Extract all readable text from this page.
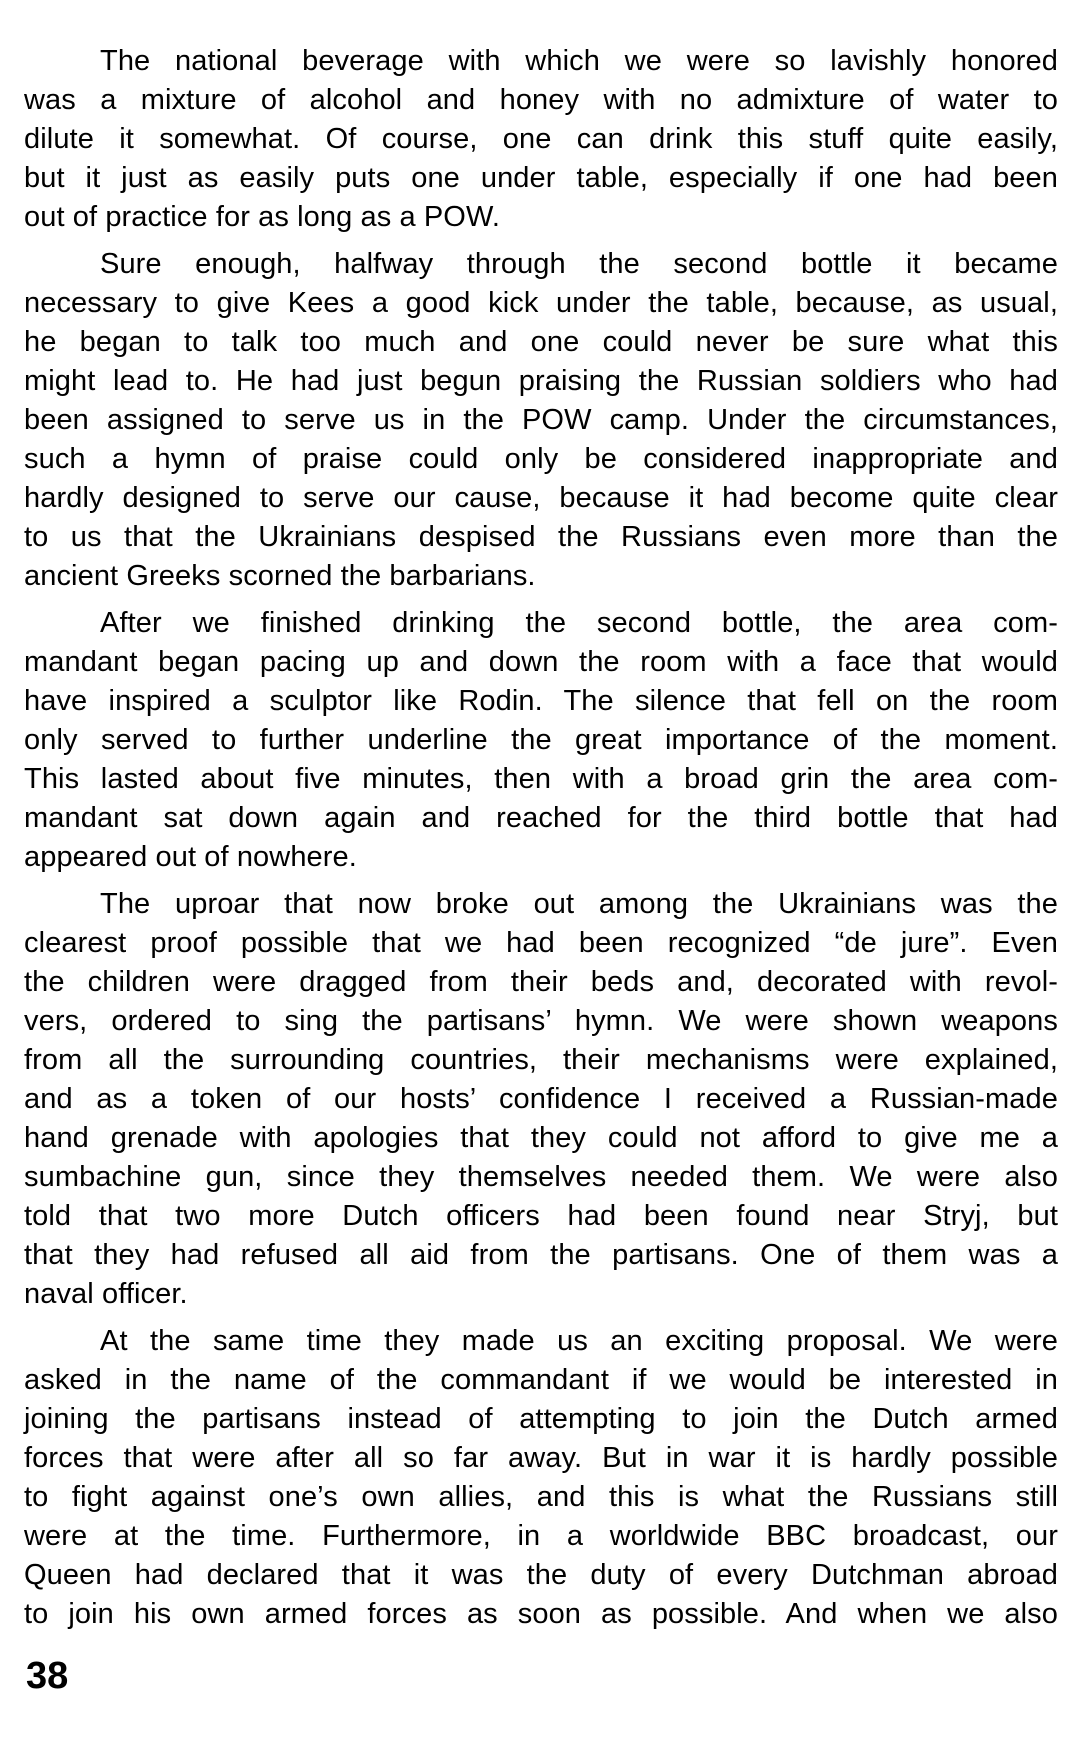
The national beverage with which we were so lavishly honored
was a mixture of alcohol and honey with no admixture of water to
dilute it somewhat. Of course, one can drink this stuff quite easily,
but it just as easily puts one under table, especially if one had been
out of practice for as long as a POW.
Sure enough, halfway through the second bottle it became
necessary to give Kees a good kick under the table, because, as usual,
he began to talk too much and one could never be sure what this
might lead to. He had just begun praising the Russian soldiers who had
been assigned to serve us in the POW camp. Under the circumstances,
such a hymn of praise could only be considered inappropriate and
hardly designed to serve our cause, because it had become quite clear
to us that the Ukrainians despised the Russians even more than the
ancient Greeks scorned the barbarians.
After we finished drinking the second bottle, the area com-
mandant began pacing up and down the room with a face that would
have inspired a sculptor like Rodin. The silence that fell on the room
only served to further underline the great importance of the moment.
This lasted about five minutes, then with a broad grin the area com-
mandant sat down again and reached for the third bottle that had
appeared out of nowhere.
The uproar that now broke out among the Ukrainians was the
clearest proof possible that we had been recognized “de jure”. Even
the children were dragged from their beds and, decorated with revol-
vers, ordered to sing the partisans’ hymn. We were shown weapons
from all the surrounding countries, their mechanisms were explained,
and as a token of our hosts’ confidence I received a Russian-made
hand grenade with apologies that they could not afford to give me a
sumbachine gun, since they themselves needed them. We were also
told that two more Dutch officers had been found near Stryj, but
that they had refused all aid from the partisans. One of them was a
naval officer.
At the same time they made us an exciting proposal. We were
asked in the name of the commandant if we would be interested in
joining the partisans instead of attempting to join the Dutch armed
forces that were after all so far away. But in war it is hardly possible
to fight against one’s own allies, and this is what the Russians still
were at the time. Furthermore, in a worldwide BBC broadcast, our
Queen had declared that it was the duty of every Dutchman abroad
to join his own armed forces as soon as possible. And when we also
38
